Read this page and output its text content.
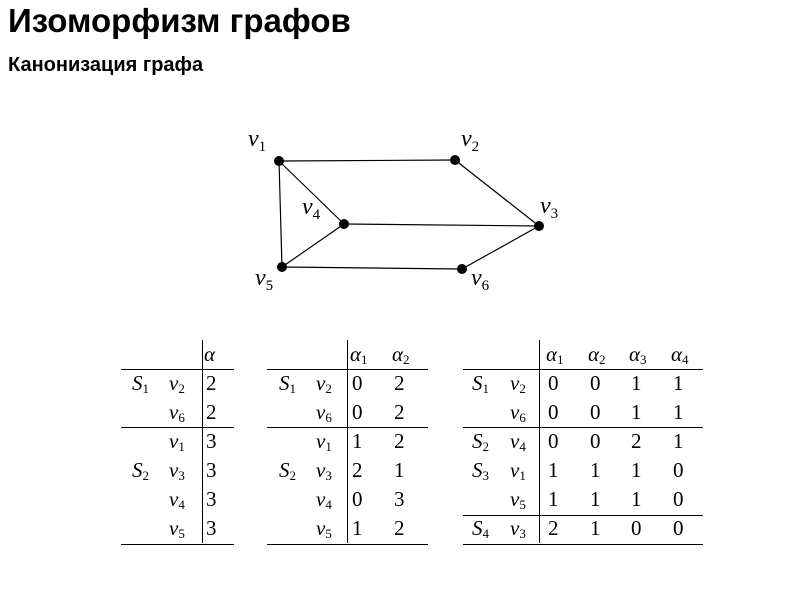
Изоморфизм графов
Канонизация графа
$v_1$	$v_2$
$v_3$
$v_4$
$v_5$	$v_6$
α
$S_1$ $v_2$ 2
$v_6$ 2
$v_1$ 3
$S_2$ $v_3$ 3
$v_4$ 3
$v_5$ 3
$\alpha_1$ $\alpha_2$
$S_1$ $v_2$ 0 2
$v_6$ 0 2
$v_1$ 1 2
$S_2$ $v_3$ 2 1
$v_4$ 0 3
$v_5$ 1 2
$\alpha_1$ $\alpha_2$ $\alpha_3$ $\alpha_4$
$S_1$ $v_2$ 0 0 1 1
$v_6$ 0 0 1 1
$S_2$ $v_4$ 0 0 2 1
$S_3$ $v_1$ 1 1 1 0
$v_5$ 1 1 1 0
$S_4$ $v_3$ 2 1 0 0
